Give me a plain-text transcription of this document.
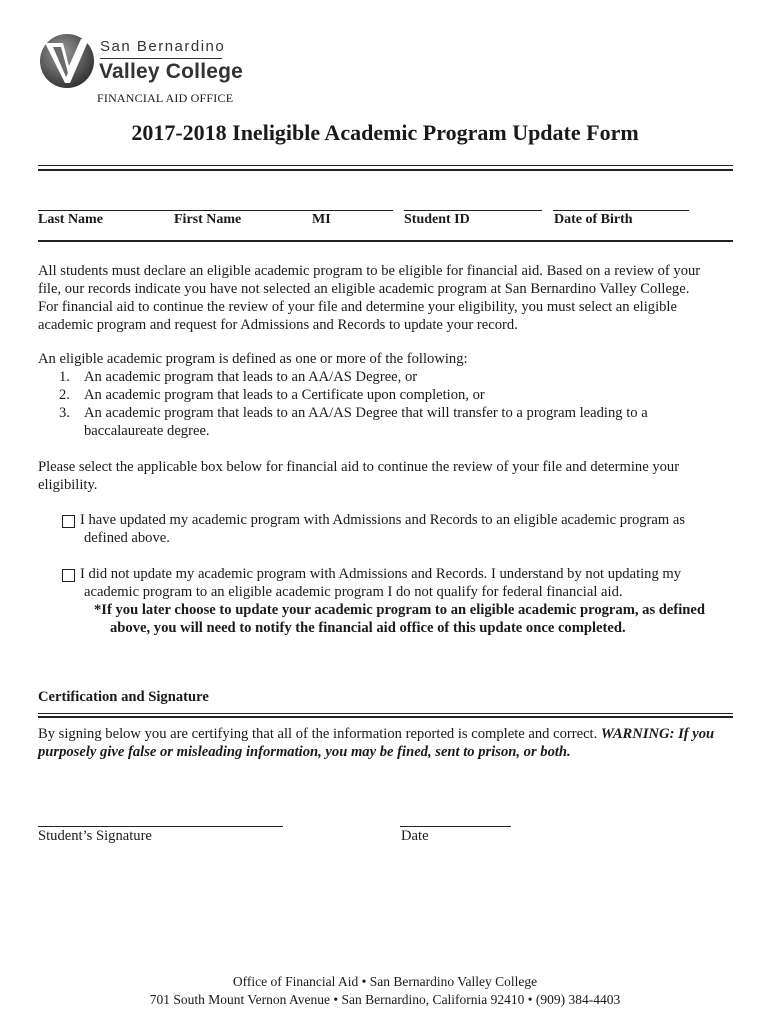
San Bernardino
Valley College
FINANCIAL AID OFFICE
2017-2018 Ineligible Academic Program Update Form
Last Name	First Name	MI	Student ID	Date of Birth
All students must declare an eligible academic program to be eligible for financial aid. Based on a review of your
file, our records indicate you have not selected an eligible academic program at San Bernardino Valley College.
For financial aid to continue the review of your file and determine your eligibility, you must select an eligible
academic program and request for Admissions and Records to update your record.
An eligible academic program is defined as one or more of the following:
1. An academic program that leads to an AA/AS Degree, or
2. An academic program that leads to a Certificate upon completion, or
3. An academic program that leads to an AA/AS Degree that will transfer to a program leading to a
baccalaureate degree.
Please select the applicable box below for financial aid to continue the review of your file and determine your
eligibility.
I have updated my academic program with Admissions and Records to an eligible academic program as
defined above.
I did not update my academic program with Admissions and Records. I understand by not updating my
academic program to an eligible academic program I do not qualify for federal financial aid.
*If you later choose to update your academic program to an eligible academic program, as defined
above, you will need to notify the financial aid office of this update once completed.
Certification and Signature
By signing below you are certifying that all of the information reported is complete and correct. WARNING: If you
purposely give false or misleading information, you may be fined, sent to prison, or both.
Student’s Signature	Date
Office of Financial Aid • San Bernardino Valley College
701 South Mount Vernon Avenue • San Bernardino, California 92410 • (909) 384-4403
